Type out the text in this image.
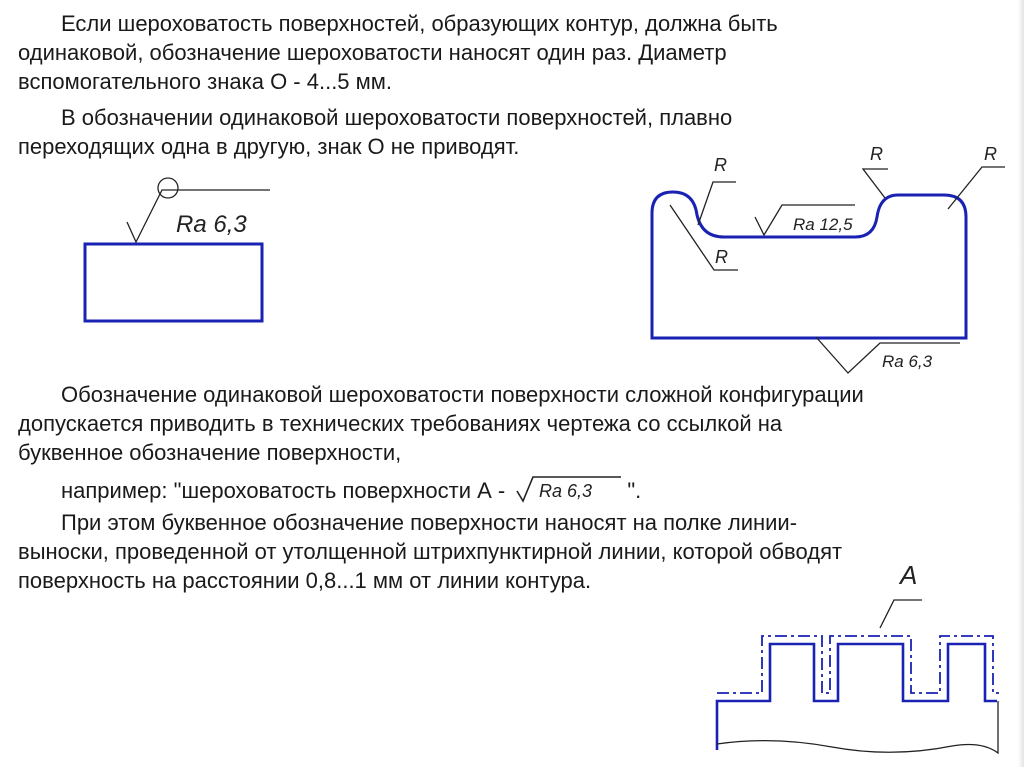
Если шероховатость поверхностей, образующих контур, должна быть
одинаковой, обозначение шероховатости наносят один раз. Диаметр
вспомогательного знака О - 4...5 мм.

В обозначении одинаковой шероховатости поверхностей, плавно
переходящих одна в другую, знак О не приводят.

Обозначение одинаковой шероховатости поверхности сложной конфигурации
допускается приводить в технических требованиях чертежа со ссылкой на
буквенное обозначение поверхности,

например: "шероховатость поверхности А - Ra 6,3 ".

При этом буквенное обозначение поверхности наносят на полке линии-
выноски, проведенной от утолщенной штрихпунктирной линии, которой обводят
поверхность на расстоянии 0,8...1 мм от линии контура.

Ra 6,3
R
R
R	R
Ra 12,5
Ra 6,3
A
